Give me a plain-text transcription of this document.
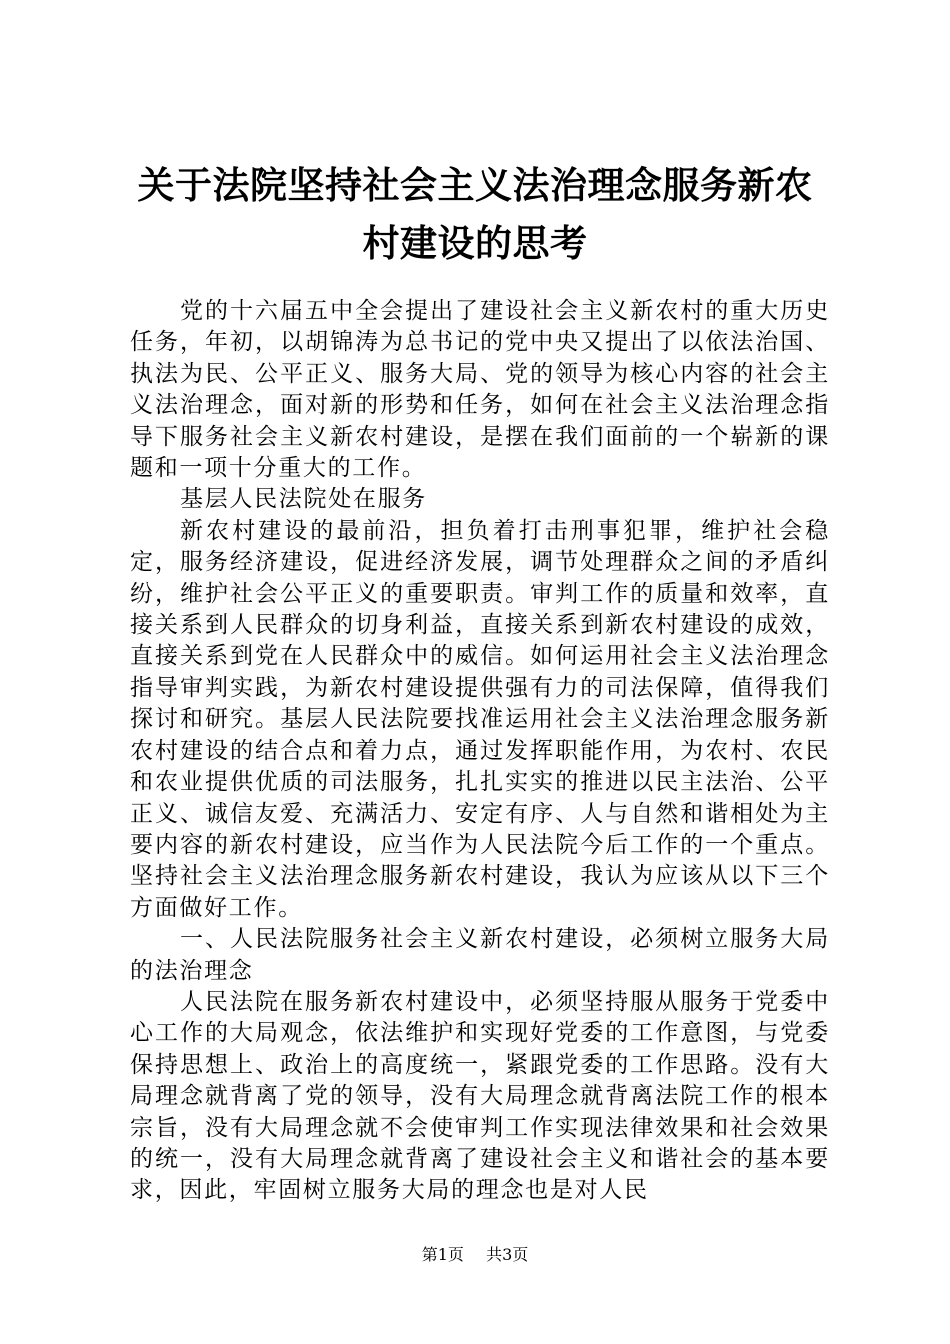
关于法院坚持社会主义法治理念服务新农村建设的思考

党的十六届五中全会提出了建设社会主义新农村的重大历史任务，年初，以胡锦涛为总书记的党中央又提出了以依法治国、执法为民、公平正义、服务大局、党的领导为核心内容的社会主义法治理念，面对新的形势和任务，如何在社会主义法治理念指导下服务社会主义新农村建设，是摆在我们面前的一个崭新的课题和一项十分重大的工作。

基层人民法院处在服务

新农村建设的最前沿，担负着打击刑事犯罪，维护社会稳定，服务经济建设，促进经济发展，调节处理群众之间的矛盾纠纷，维护社会公平正义的重要职责。审判工作的质量和效率，直接关系到人民群众的切身利益，直接关系到新农村建设的成效，直接关系到党在人民群众中的威信。如何运用社会主义法治理念指导审判实践，为新农村建设提供强有力的司法保障，值得我们探讨和研究。基层人民法院要找准运用社会主义法治理念服务新农村建设的结合点和着力点，通过发挥职能作用，为农村、农民和农业提供优质的司法服务，扎扎实实的推进以民主法治、公平正义、诚信友爱、充满活力、安定有序、人与自然和谐相处为主要内容的新农村建设，应当作为人民法院今后工作的一个重点。坚持社会主义法治理念服务新农村建设，我认为应该从以下三个方面做好工作。

一、人民法院服务社会主义新农村建设，必须树立服务大局的法治理念

人民法院在服务新农村建设中，必须坚持服从服务于党委中心工作的大局观念，依法维护和实现好党委的工作意图，与党委保持思想上、政治上的高度统一，紧跟党委的工作思路。没有大局理念就背离了党的领导，没有大局理念就背离法院工作的根本宗旨，没有大局理念就不会使审判工作实现法律效果和社会效果的统一，没有大局理念就背离了建设社会主义和谐社会的基本要求，因此，牢固树立服务大局的理念也是对人民

第1页 共3页
